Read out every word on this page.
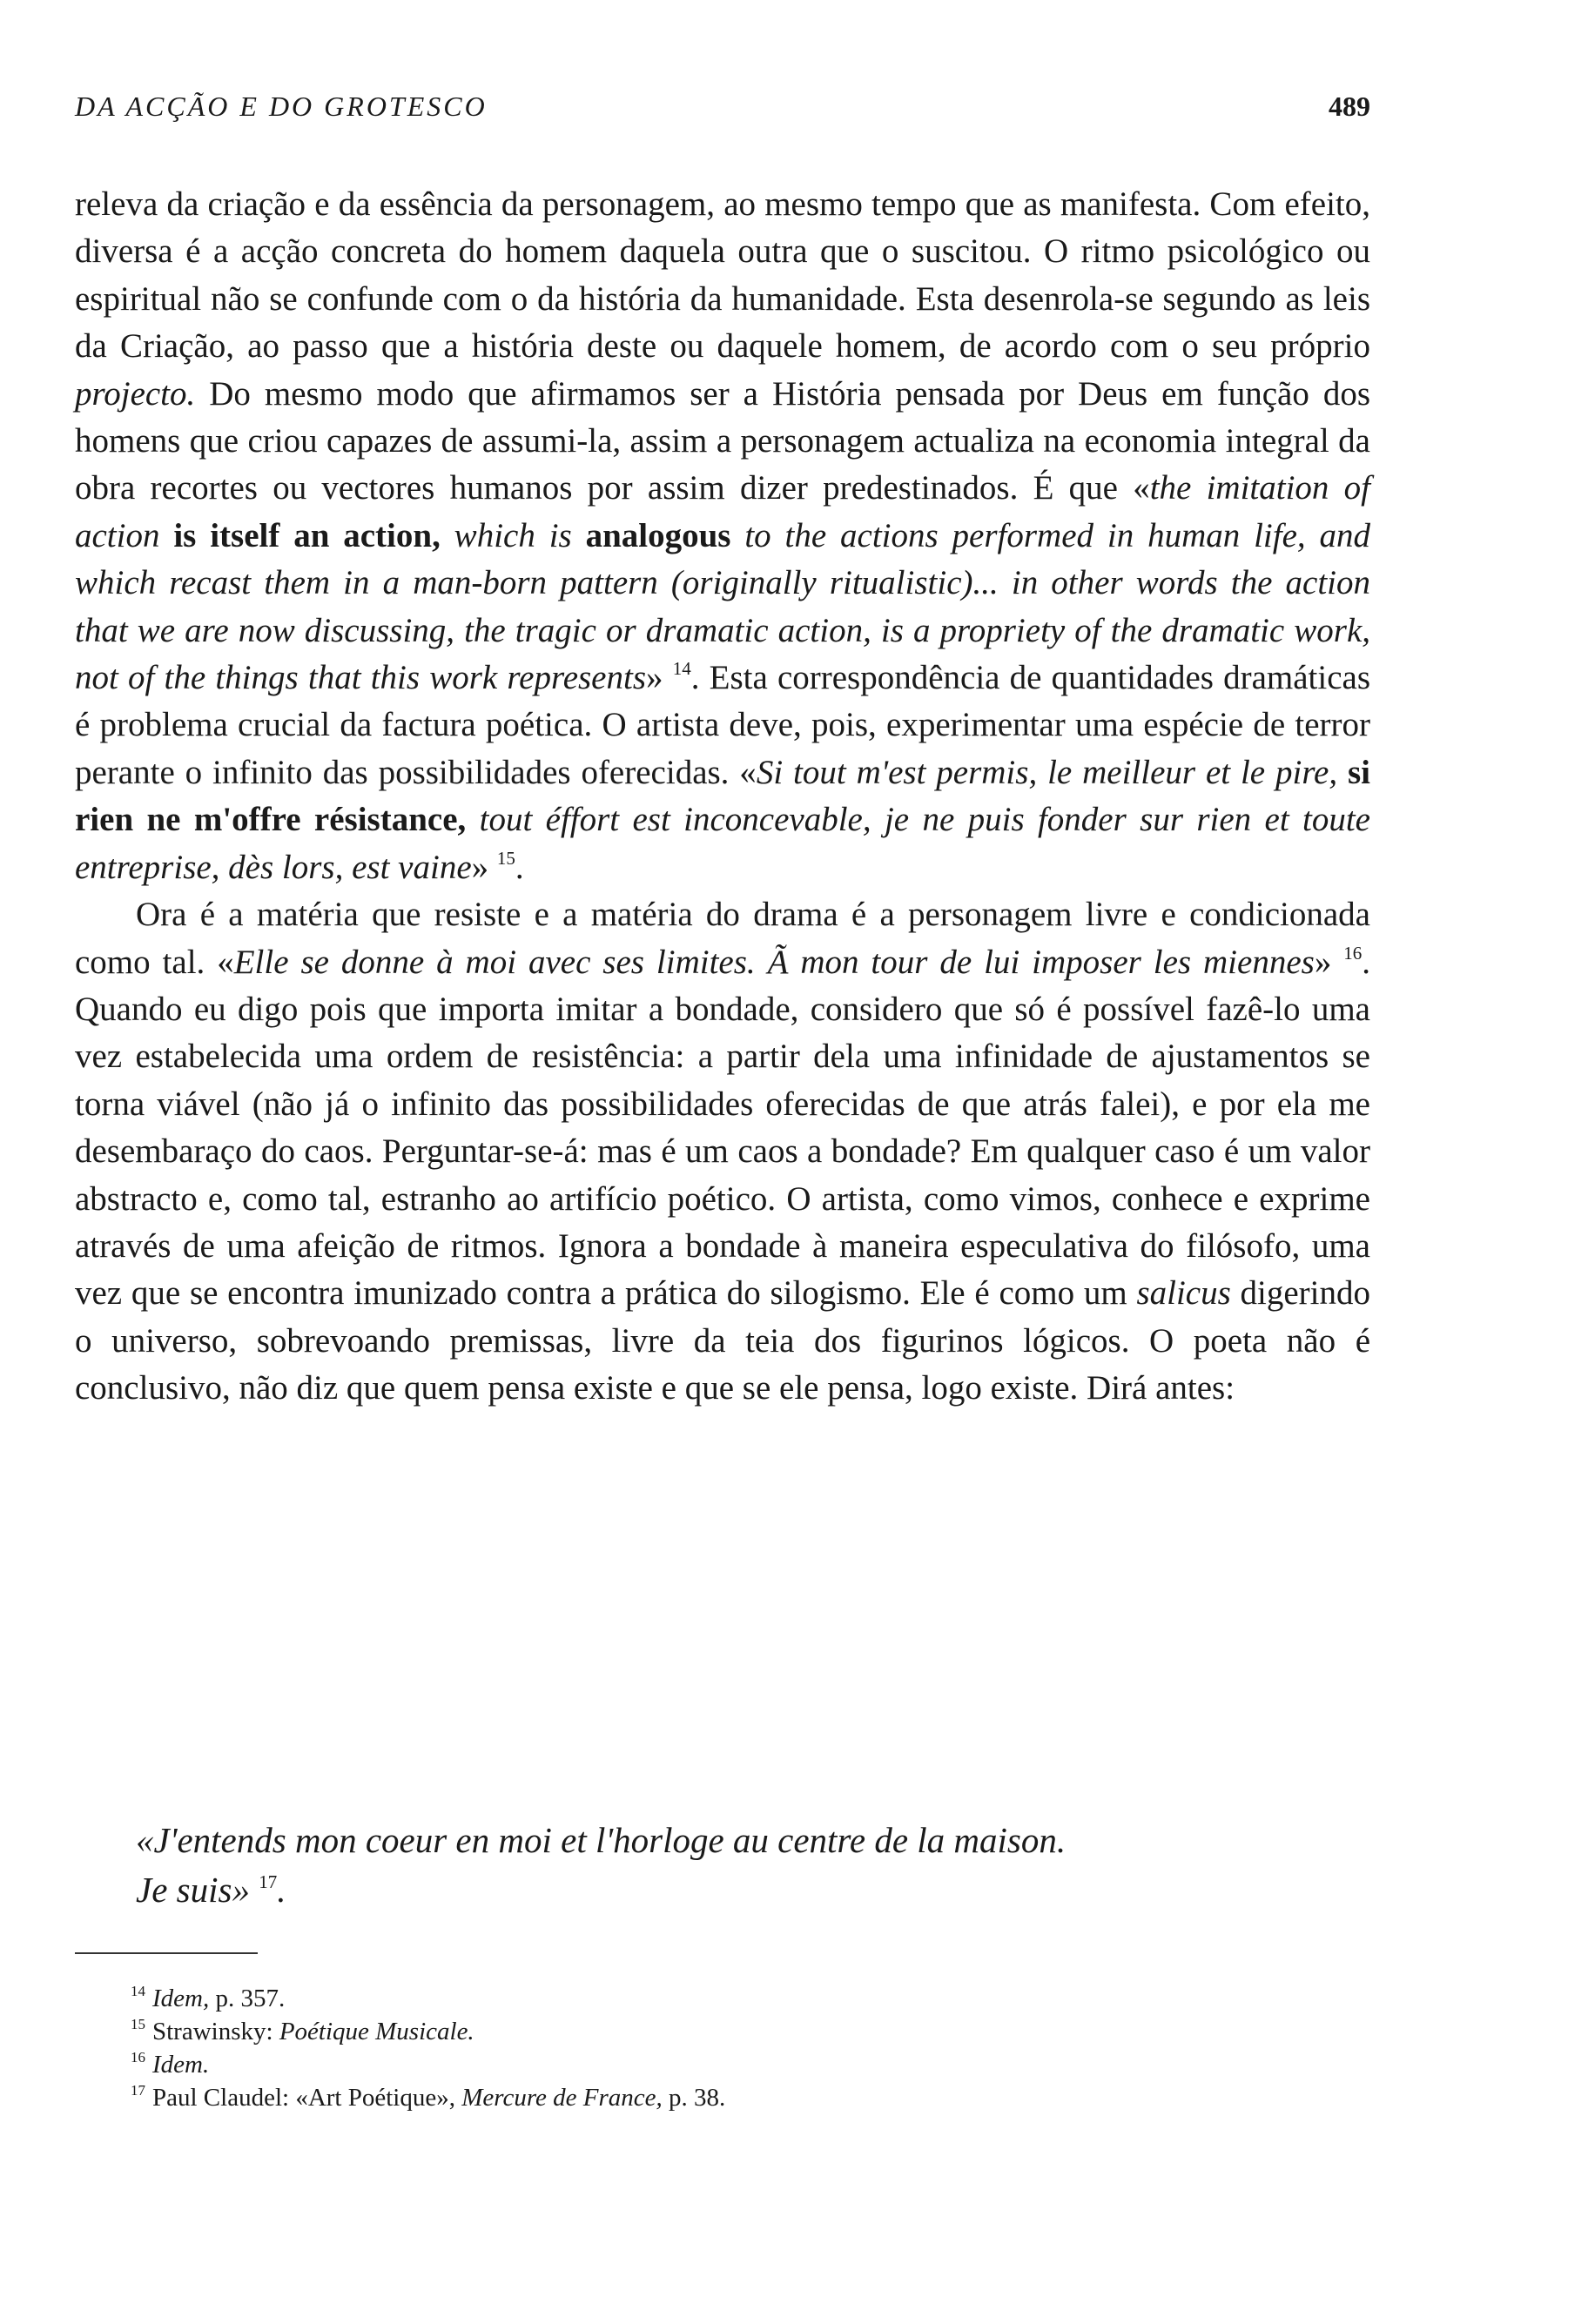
DA ACÇÃO E DO GROTESCO	489

releva da criação e da essência da personagem, ao mesmo tempo que as manifesta. Com efeito, diversa é a acção concreta do homem daquela outra que o suscitou. O ritmo psicológico ou espiritual não se confunde com o da história da humanidade. Esta desenrola-se segundo as leis da Criação, ao passo que a história deste ou daquele homem, de acordo com o seu próprio projecto. Do mesmo modo que afirmamos ser a História pensada por Deus em função dos homens que criou capazes de assumi-la, assim a personagem actualiza na economia integral da obra recortes ou vectores humanos por assim dizer predestinados. É que «the imitation of action is itself an action, which is analogous to the actions performed in human life, and which recast them in a man-born pattern (originally ritualistic)... in other words the action that we are now discussing, the tragic or dramatic action, is a propriety of the dramatic work, not of the things that this work represents» $^{14}$. Esta correspondência de quantidades dramáticas é problema crucial da factura poética. O artista deve, pois, experimentar uma espécie de terror perante o infinito das possibilidades oferecidas. «Si tout m'est permis, le meilleur et le pire, si rien ne m'offre résistance, tout éffort est inconcevable, je ne puis fonder sur rien et toute entreprise, dès lors, est vaine» $^{15}$.

Ora é a matéria que resiste e a matéria do drama é a personagem livre e condicionada como tal. «Elle se donne à moi avec ses limites. Ã mon tour de lui imposer les miennes» $^{16}$. Quando eu digo pois que importa imitar a bondade, considero que só é possível fazê-lo uma vez estabelecida uma ordem de resistência: a partir dela uma infinidade de ajustamentos se torna viável (não já o infinito das possibilidades oferecidas de que atrás falei), e por ela me desembaraço do caos. Perguntar-se-á: mas é um caos a bondade? Em qualquer caso é um valor abstracto e, como tal, estranho ao artifício poético. O artista, como vimos, conhece e exprime através de uma afeição de ritmos. Ignora a bondade à maneira especulativa do filósofo, uma vez que se encontra imunizado contra a prática do silogismo. Ele é como um salicus digerindo o universo, sobrevoando premissas, livre da teia dos figurinos lógicos. O poeta não é conclusivo, não diz que quem pensa existe e que se ele pensa, logo existe. Dirá antes:

«J'entends mon coeur en moi et l'horloge au centre de la maison.
Je suis» $^{17}$.
$^{14}$ Idem, p. 357.
$^{15}$ Strawinsky: Poétique Musicale.
$^{16}$ Idem.
$^{17}$ Paul Claudel: «Art Poétique», Mercure de France, p. 38.
